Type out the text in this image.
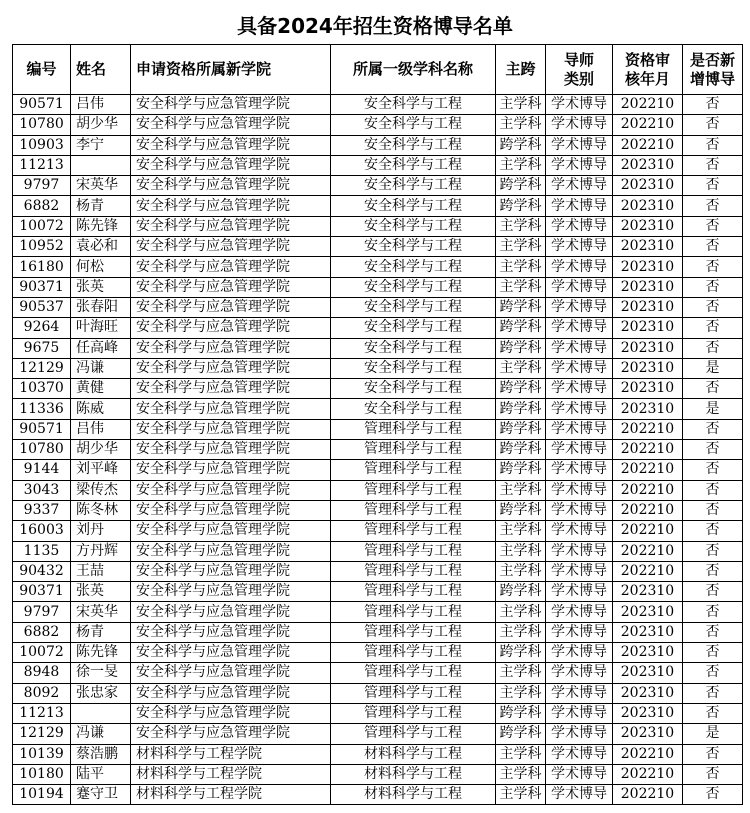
具备2024年招生资格博导名单
编号	姓名	申请资格所属新学院	所属一级学科名称	主跨	导师类别	资格审核年月	是否新增博导
90571	吕伟	安全科学与应急管理学院	安全科学与工程	主学科	学术博导	202210	否
10780	胡少华	安全科学与应急管理学院	安全科学与工程	主学科	学术博导	202210	否
10903	李宁	安全科学与应急管理学院	安全科学与工程	跨学科	学术博导	202210	否
11213		安全科学与应急管理学院	安全科学与工程	主学科	学术博导	202310	否
9797	宋英华	安全科学与应急管理学院	安全科学与工程	跨学科	学术博导	202310	否
6882	杨青	安全科学与应急管理学院	安全科学与工程	跨学科	学术博导	202310	否
10072	陈先锋	安全科学与应急管理学院	安全科学与工程	主学科	学术博导	202310	否
10952	袁必和	安全科学与应急管理学院	安全科学与工程	主学科	学术博导	202310	否
16180	何松	安全科学与应急管理学院	安全科学与工程	主学科	学术博导	202310	否
90371	张英	安全科学与应急管理学院	安全科学与工程	主学科	学术博导	202310	否
90537	张春阳	安全科学与应急管理学院	安全科学与工程	跨学科	学术博导	202310	否
9264	叶海旺	安全科学与应急管理学院	安全科学与工程	跨学科	学术博导	202310	否
9675	任高峰	安全科学与应急管理学院	安全科学与工程	跨学科	学术博导	202310	否
12129	冯谦	安全科学与应急管理学院	安全科学与工程	主学科	学术博导	202310	是
10370	黄健	安全科学与应急管理学院	安全科学与工程	跨学科	学术博导	202310	否
11336	陈威	安全科学与应急管理学院	安全科学与工程	跨学科	学术博导	202310	是
90571	吕伟	安全科学与应急管理学院	管理科学与工程	跨学科	学术博导	202210	否
10780	胡少华	安全科学与应急管理学院	管理科学与工程	跨学科	学术博导	202210	否
9144	刘平峰	安全科学与应急管理学院	管理科学与工程	跨学科	学术博导	202210	否
3043	梁传杰	安全科学与应急管理学院	管理科学与工程	主学科	学术博导	202210	否
9337	陈冬林	安全科学与应急管理学院	管理科学与工程	跨学科	学术博导	202210	否
16003	刘丹	安全科学与应急管理学院	管理科学与工程	主学科	学术博导	202210	否
1135	方丹辉	安全科学与应急管理学院	管理科学与工程	主学科	学术博导	202210	否
90432	王喆	安全科学与应急管理学院	管理科学与工程	主学科	学术博导	202210	否
90371	张英	安全科学与应急管理学院	管理科学与工程	跨学科	学术博导	202310	否
9797	宋英华	安全科学与应急管理学院	管理科学与工程	主学科	学术博导	202310	否
6882	杨青	安全科学与应急管理学院	管理科学与工程	主学科	学术博导	202310	否
10072	陈先锋	安全科学与应急管理学院	管理科学与工程	跨学科	学术博导	202310	否
8948	徐一旻	安全科学与应急管理学院	管理科学与工程	主学科	学术博导	202310	否
8092	张忠家	安全科学与应急管理学院	管理科学与工程	主学科	学术博导	202310	否
11213		安全科学与应急管理学院	管理科学与工程	跨学科	学术博导	202310	否
12129	冯谦	安全科学与应急管理学院	管理科学与工程	跨学科	学术博导	202310	是
10139	蔡浩鹏	材料科学与工程学院	材料科学与工程	主学科	学术博导	202210	否
10180	陆平	材料科学与工程学院	材料科学与工程	主学科	学术博导	202210	否
10194	蹇守卫	材料科学与工程学院	材料科学与工程	主学科	学术博导	202210	否
